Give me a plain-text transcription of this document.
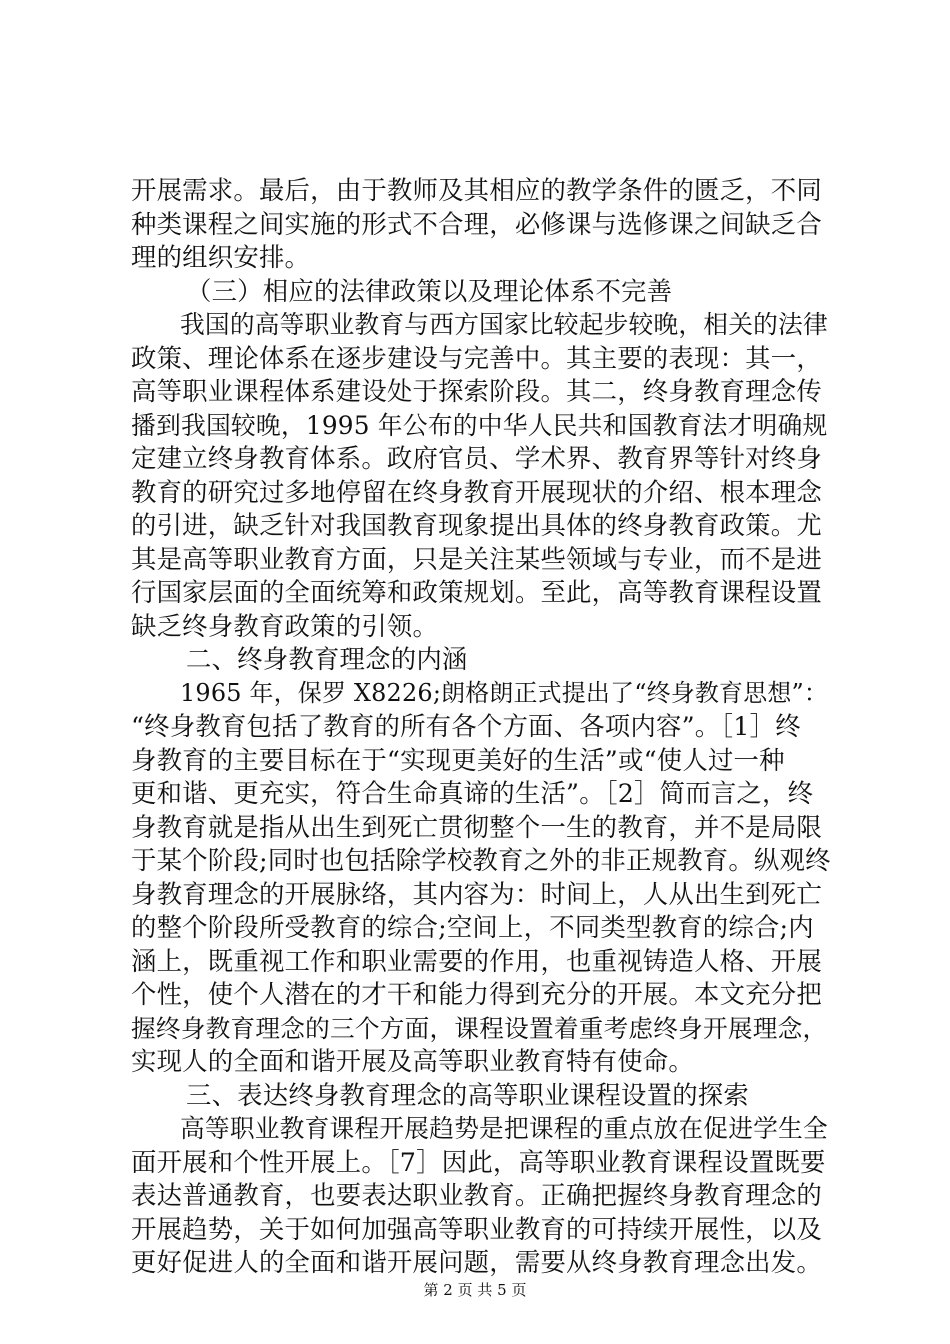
开展需求。最后，由于教师及其相应的教学条件的匮乏，不同
种类课程之间实施的形式不合理，必修课与选修课之间缺乏合
理的组织安排。
（三）相应的法律政策以及理论体系不完善
我国的高等职业教育与西方国家比较起步较晚，相关的法律
政策、理论体系在逐步建设与完善中。其主要的表现：其一，
高等职业课程体系建设处于探索阶段。其二，终身教育理念传
播到我国较晚，1995 年公布的中华人民共和国教育法才明确规
定建立终身教育体系。政府官员、学术界、教育界等针对终身
教育的研究过多地停留在终身教育开展现状的介绍、根本理念
的引进，缺乏针对我国教育现象提出具体的终身教育政策。尤
其是高等职业教育方面，只是关注某些领域与专业，而不是进
行国家层面的全面统筹和政策规划。至此，高等教育课程设置
缺乏终身教育政策的引领。
二、终身教育理念的内涵
1965 年，保罗 X8226;朗格朗正式提出了“终身教育思想”：
“终身教育包括了教育的所有各个方面、各项内容”。［1］终
身教育的主要目标在于“实现更美好的生活”或“使人过一种
更和谐、更充实，符合生命真谛的生活”。［2］简而言之，终
身教育就是指从出生到死亡贯彻整个一生的教育，并不是局限
于某个阶段;同时也包括除学校教育之外的非正规教育。纵观终
身教育理念的开展脉络，其内容为：时间上，人从出生到死亡
的整个阶段所受教育的综合;空间上，不同类型教育的综合;内
涵上，既重视工作和职业需要的作用，也重视铸造人格、开展
个性，使个人潜在的才干和能力得到充分的开展。本文充分把
握终身教育理念的三个方面，课程设置着重考虑终身开展理念，
实现人的全面和谐开展及高等职业教育特有使命。
三、表达终身教育理念的高等职业课程设置的探索
高等职业教育课程开展趋势是把课程的重点放在促进学生全
面开展和个性开展上。［7］因此，高等职业教育课程设置既要
表达普通教育，也要表达职业教育。正确把握终身教育理念的
开展趋势，关于如何加强高等职业教育的可持续开展性，以及
更好促进人的全面和谐开展问题，需要从终身教育理念出发。
第 2 页 共 5 页
